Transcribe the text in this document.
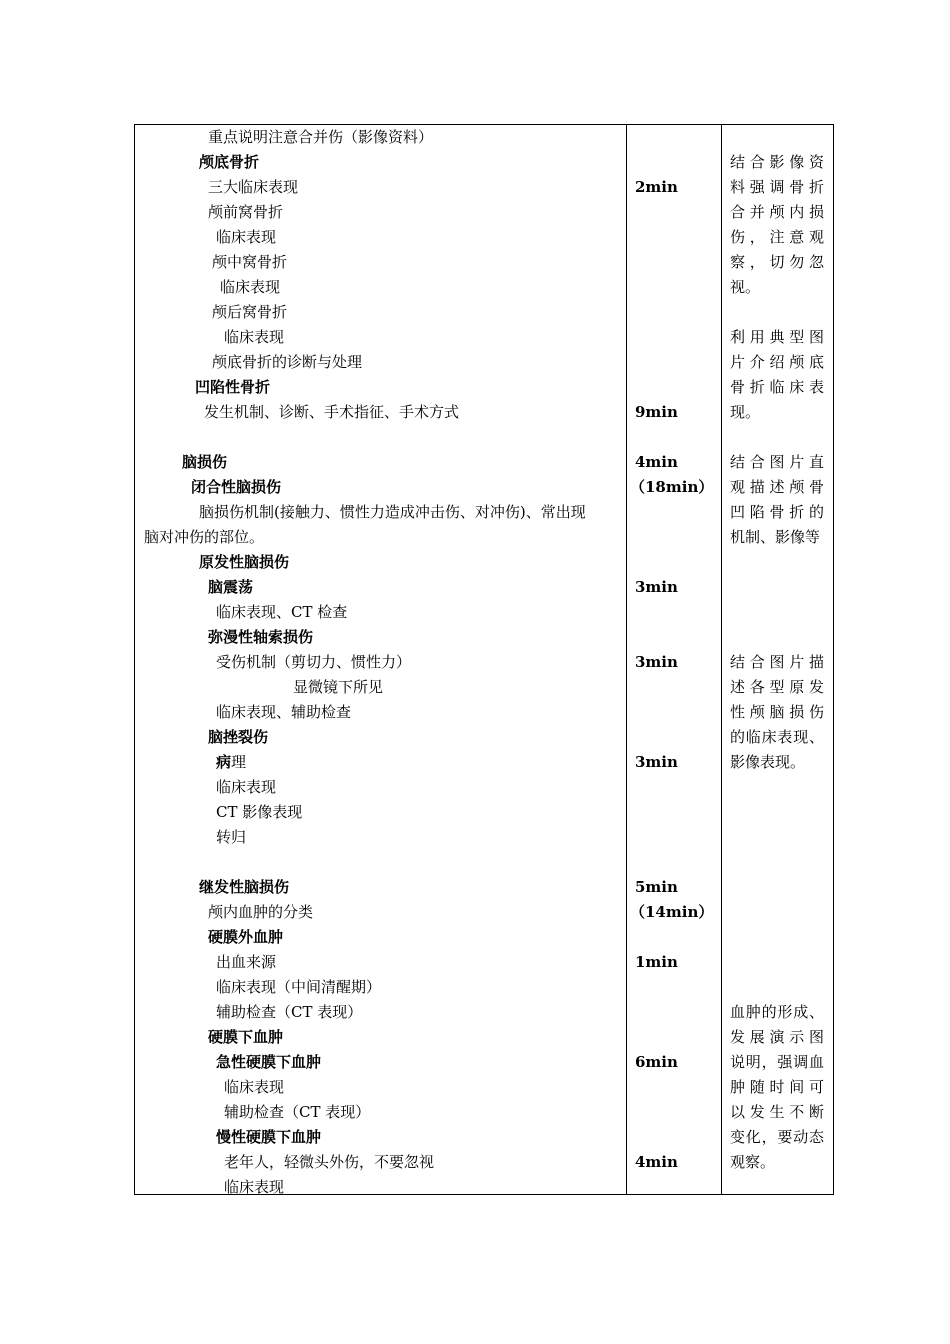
重点说明注意合并伤（影像资料）
颅底骨折
三大临床表现
颅前窝骨折
临床表现
颅中窝骨折
临床表现
颅后窝骨折
临床表现
颅底骨折的诊断与处理
凹陷性骨折
发生机制、诊断、手术指征、手术方式
脑损伤
闭合性脑损伤
脑损伤机制(接触力、惯性力造成冲击伤、对冲伤)、常出现
脑对冲伤的部位。
原发性脑损伤
脑震荡
临床表现、CT 检查
弥漫性轴索损伤
受伤机制（剪切力、惯性力）
显微镜下所见
临床表现、辅助检查
脑挫裂伤
病理
临床表现
CT 影像表现
转归
继发性脑损伤
颅内血肿的分类
硬膜外血肿
出血来源
临床表现（中间清醒期）
辅助检查（CT 表现）
硬膜下血肿
急性硬膜下血肿
临床表现
辅助检查（CT 表现）
慢性硬膜下血肿
老年人，轻微头外伤，不要忽视
临床表现
2min
9min
4min
（18min）
3min
3min
3min
5min
（14min）
1min
6min
4min
结合影像资
料强调骨折
合并颅内损
伤，注意观
察，切勿忽
视。
利用典型图
片介绍颅底
骨折临床表
现。
结合图片直
观描述颅骨
凹陷骨折的
机制、影像等
结合图片描
述各型原发
性颅脑损伤
的临床表现、
影像表现。
血肿的形成、
发展演示图
说明，强调血
肿随时间可
以发生不断
变化，要动态
观察。
